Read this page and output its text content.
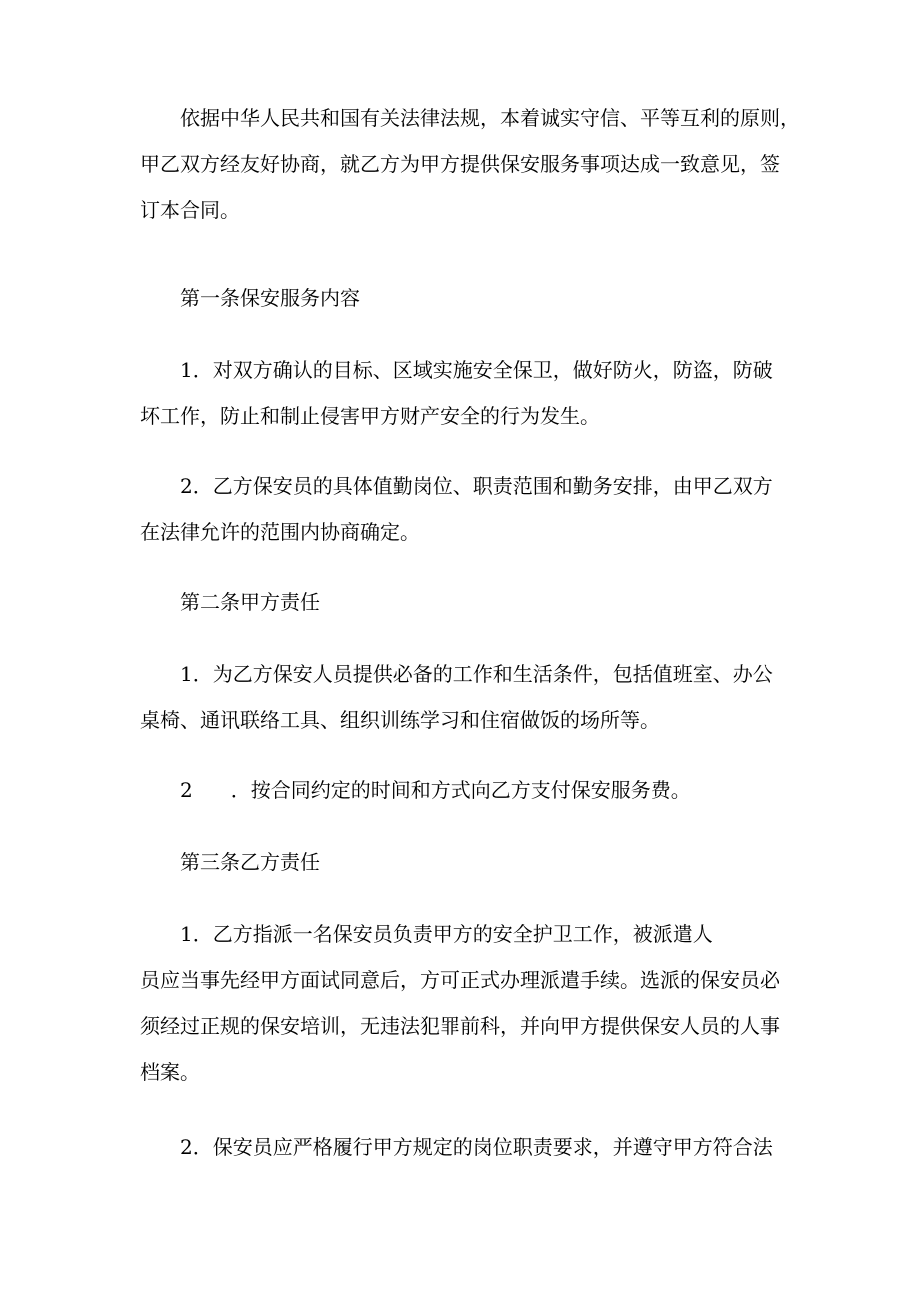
依据中华人民共和国有关法律法规，本着诚实守信、平等互利的原则，
甲乙双方经友好协商，就乙方为甲方提供保安服务事项达成一致意见，签
订本合同。
第一条保安服务内容
1．对双方确认的目标、区域实施安全保卫，做好防火，防盗，防破
坏工作，防止和制止侵害甲方财产安全的行为发生。
2．乙方保安员的具体值勤岗位、职责范围和勤务安排，由甲乙双方
在法律允许的范围内协商确定。
第二条甲方责任
1．为乙方保安人员提供必备的工作和生活条件，包括值班室、办公
桌椅、通讯联络工具、组织训练学习和住宿做饭的场所等。
2 ．按合同约定的时间和方式向乙方支付保安服务费。
第三条乙方责任
1．乙方指派一名保安员负责甲方的安全护卫工作，被派遣人
员应当事先经甲方面试同意后，方可正式办理派遣手续。选派的保安员必
须经过正规的保安培训，无违法犯罪前科，并向甲方提供保安人员的人事
档案。
2．保安员应严格履行甲方规定的岗位职责要求，并遵守甲方符合法
